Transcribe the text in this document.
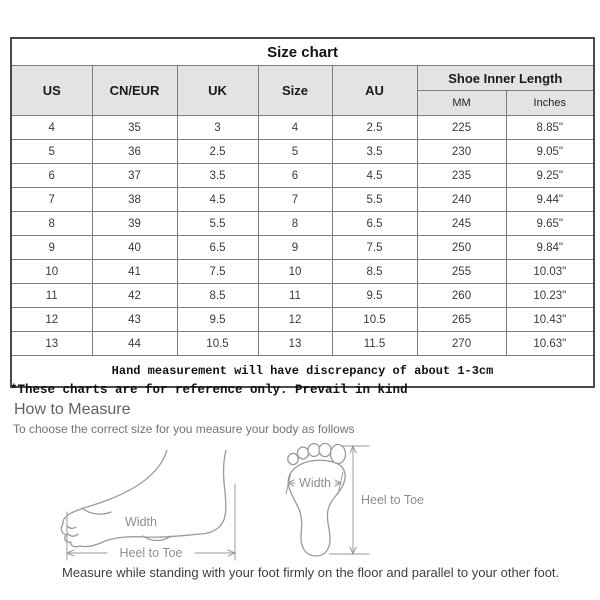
Size chart						
US	CN/EUR	UK	Size	AU	Shoe Inner Length	
					MM	Inches
4	35	3	4	2.5	225	8.85"
5	36	2.5	5	3.5	230	9.05"
6	37	3.5	6	4.5	235	9.25"
7	38	4.5	7	5.5	240	9.44"
8	39	5.5	8	6.5	245	9.65"
9	40	6.5	9	7.5	250	9.84"
10	41	7.5	10	8.5	255	10.03"
11	42	8.5	11	9.5	260	10.23"
12	43	9.5	12	10.5	265	10.43"
13	44	10.5	13	11.5	270	10.63"
Hand measurement will have discrepancy of about 1-3cm						
*These charts are for reference only. Prevail in kind
How to Measure
To choose the correct size for you measure your body as follows
Heel to Toe
Width
Width
Heel to Toe
Measure while standing with your foot firmly on the floor and parallel to your other foot.
